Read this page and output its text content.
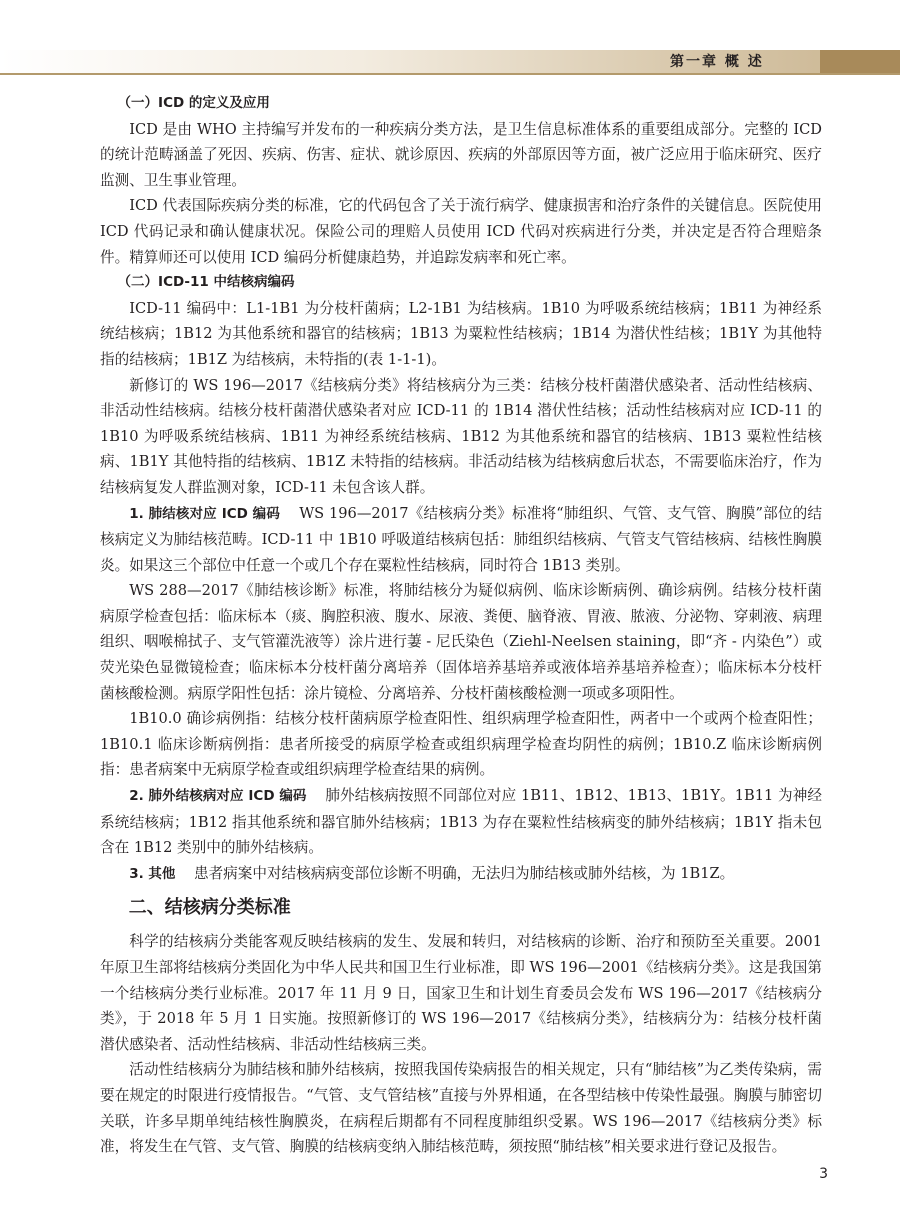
第一章 概 述

（一）ICD 的定义及应用

ICD 是由 WHO 主持编写并发布的一种疾病分类方法，是卫生信息标准体系的重要组成部分。完整的 ICD 的统计范畴涵盖了死因、疾病、伤害、症状、就诊原因、疾病的外部原因等方面，被广泛应用于临床研究、医疗监测、卫生事业管理。

ICD 代表国际疾病分类的标准，它的代码包含了关于流行病学、健康损害和治疗条件的关键信息。医院使用 ICD 代码记录和确认健康状况。保险公司的理赔人员使用 ICD 代码对疾病进行分类，并决定是否符合理赔条件。精算师还可以使用 ICD 编码分析健康趋势，并追踪发病率和死亡率。

（二）ICD-11 中结核病编码

ICD-11 编码中：L1-1B1 为分枝杆菌病；L2-1B1 为结核病。1B10 为呼吸系统结核病；1B11 为神经系统结核病；1B12 为其他系统和器官的结核病；1B13 为粟粒性结核病；1B14 为潜伏性结核；1B1Y 为其他特指的结核病；1B1Z 为结核病，未特指的(表 1-1-1)。

新修订的 WS 196—2017《结核病分类》将结核病分为三类：结核分枝杆菌潜伏感染者、活动性结核病、非活动性结核病。结核分枝杆菌潜伏感染者对应 ICD-11 的 1B14 潜伏性结核；活动性结核病对应 ICD-11 的 1B10 为呼吸系统结核病、1B11 为神经系统结核病、1B12 为其他系统和器官的结核病、1B13 粟粒性结核病、1B1Y 其他特指的结核病、1B1Z 未特指的结核病。非活动结核为结核病愈后状态，不需要临床治疗，作为结核病复发人群监测对象，ICD-11 未包含该人群。

1. 肺结核对应 ICD 编码 WS 196—2017《结核病分类》标准将“肺组织、气管、支气管、胸膜”部位的结核病定义为肺结核范畴。ICD-11 中 1B10 呼吸道结核病包括：肺组织结核病、气管支气管结核病、结核性胸膜炎。如果这三个部位中任意一个或几个存在粟粒性结核病，同时符合 1B13 类别。

WS 288—2017《肺结核诊断》标准，将肺结核分为疑似病例、临床诊断病例、确诊病例。结核分枝杆菌病原学检查包括：临床标本（痰、胸腔积液、腹水、尿液、粪便、脑脊液、胃液、脓液、分泌物、穿刺液、病理组织、咽喉棉拭子、支气管灌洗液等）涂片进行萋 - 尼氏染色（Ziehl-Neelsen staining，即“齐 - 内染色”）或荧光染色显微镜检查；临床标本分枝杆菌分离培养（固体培养基培养或液体培养基培养检查）；临床标本分枝杆菌核酸检测。病原学阳性包括：涂片镜检、分离培养、分枝杆菌核酸检测一项或多项阳性。

1B10.0 确诊病例指：结核分枝杆菌病原学检查阳性、组织病理学检查阳性，两者中一个或两个检查阳性；1B10.1 临床诊断病例指：患者所接受的病原学检查或组织病理学检查均阴性的病例；1B10.Z 临床诊断病例指：患者病案中无病原学检查或组织病理学检查结果的病例。

2. 肺外结核病对应 ICD 编码 肺外结核病按照不同部位对应 1B11、1B12、1B13、1B1Y。1B11 为神经系统结核病；1B12 指其他系统和器官肺外结核病；1B13 为存在粟粒性结核病变的肺外结核病；1B1Y 指未包含在 1B12 类别中的肺外结核病。

3. 其他 患者病案中对结核病病变部位诊断不明确，无法归为肺结核或肺外结核，为 1B1Z。

二、结核病分类标准

科学的结核病分类能客观反映结核病的发生、发展和转归，对结核病的诊断、治疗和预防至关重要。2001 年原卫生部将结核病分类固化为中华人民共和国卫生行业标准，即 WS 196—2001《结核病分类》。这是我国第一个结核病分类行业标准。2017 年 11 月 9 日，国家卫生和计划生育委员会发布 WS 196—2017《结核病分类》，于 2018 年 5 月 1 日实施。按照新修订的 WS 196—2017《结核病分类》，结核病分为：结核分枝杆菌潜伏感染者、活动性结核病、非活动性结核病三类。

活动性结核病分为肺结核和肺外结核病，按照我国传染病报告的相关规定，只有“肺结核”为乙类传染病，需要在规定的时限进行疫情报告。“气管、支气管结核”直接与外界相通，在各型结核中传染性最强。胸膜与肺密切关联，许多早期单纯结核性胸膜炎，在病程后期都有不同程度肺组织受累。WS 196—2017《结核病分类》标准，将发生在气管、支气管、胸膜的结核病变纳入肺结核范畴，须按照“肺结核”相关要求进行登记及报告。

3
